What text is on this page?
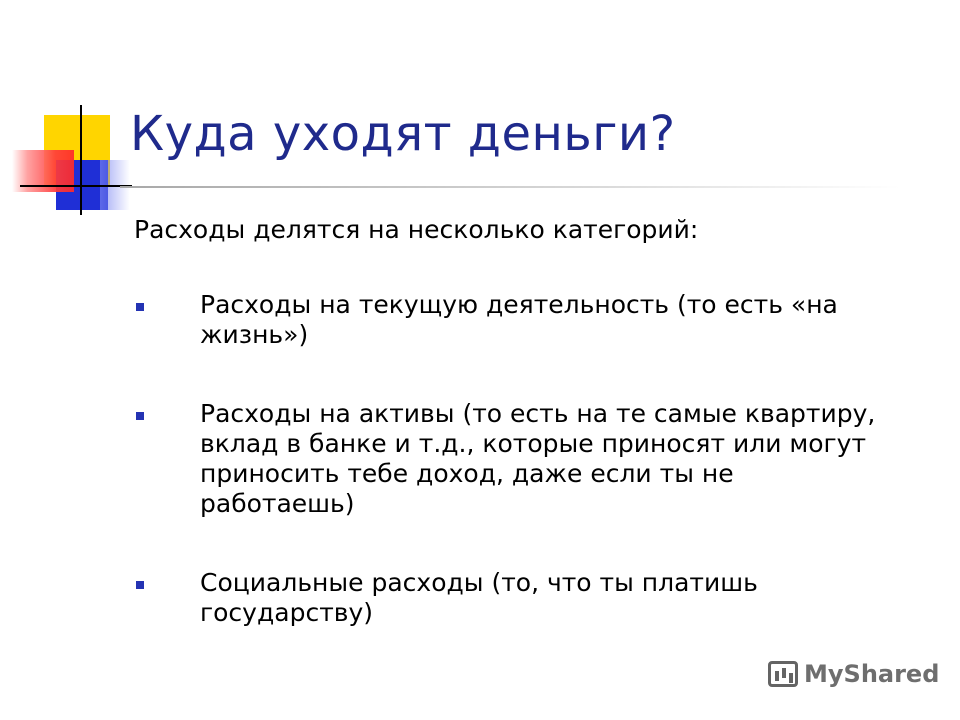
Куда уходят деньги?

Расходы делятся на несколько категорий:

Расходы на текущую деятельность (то есть «на жизнь»)

Расходы на активы (то есть на те самые квартиру, вклад в банке и т.д., которые приносят или могут приносить тебе доход, даже если ты не работаешь)

Социальные расходы (то, что ты платишь государству)

MyShared
